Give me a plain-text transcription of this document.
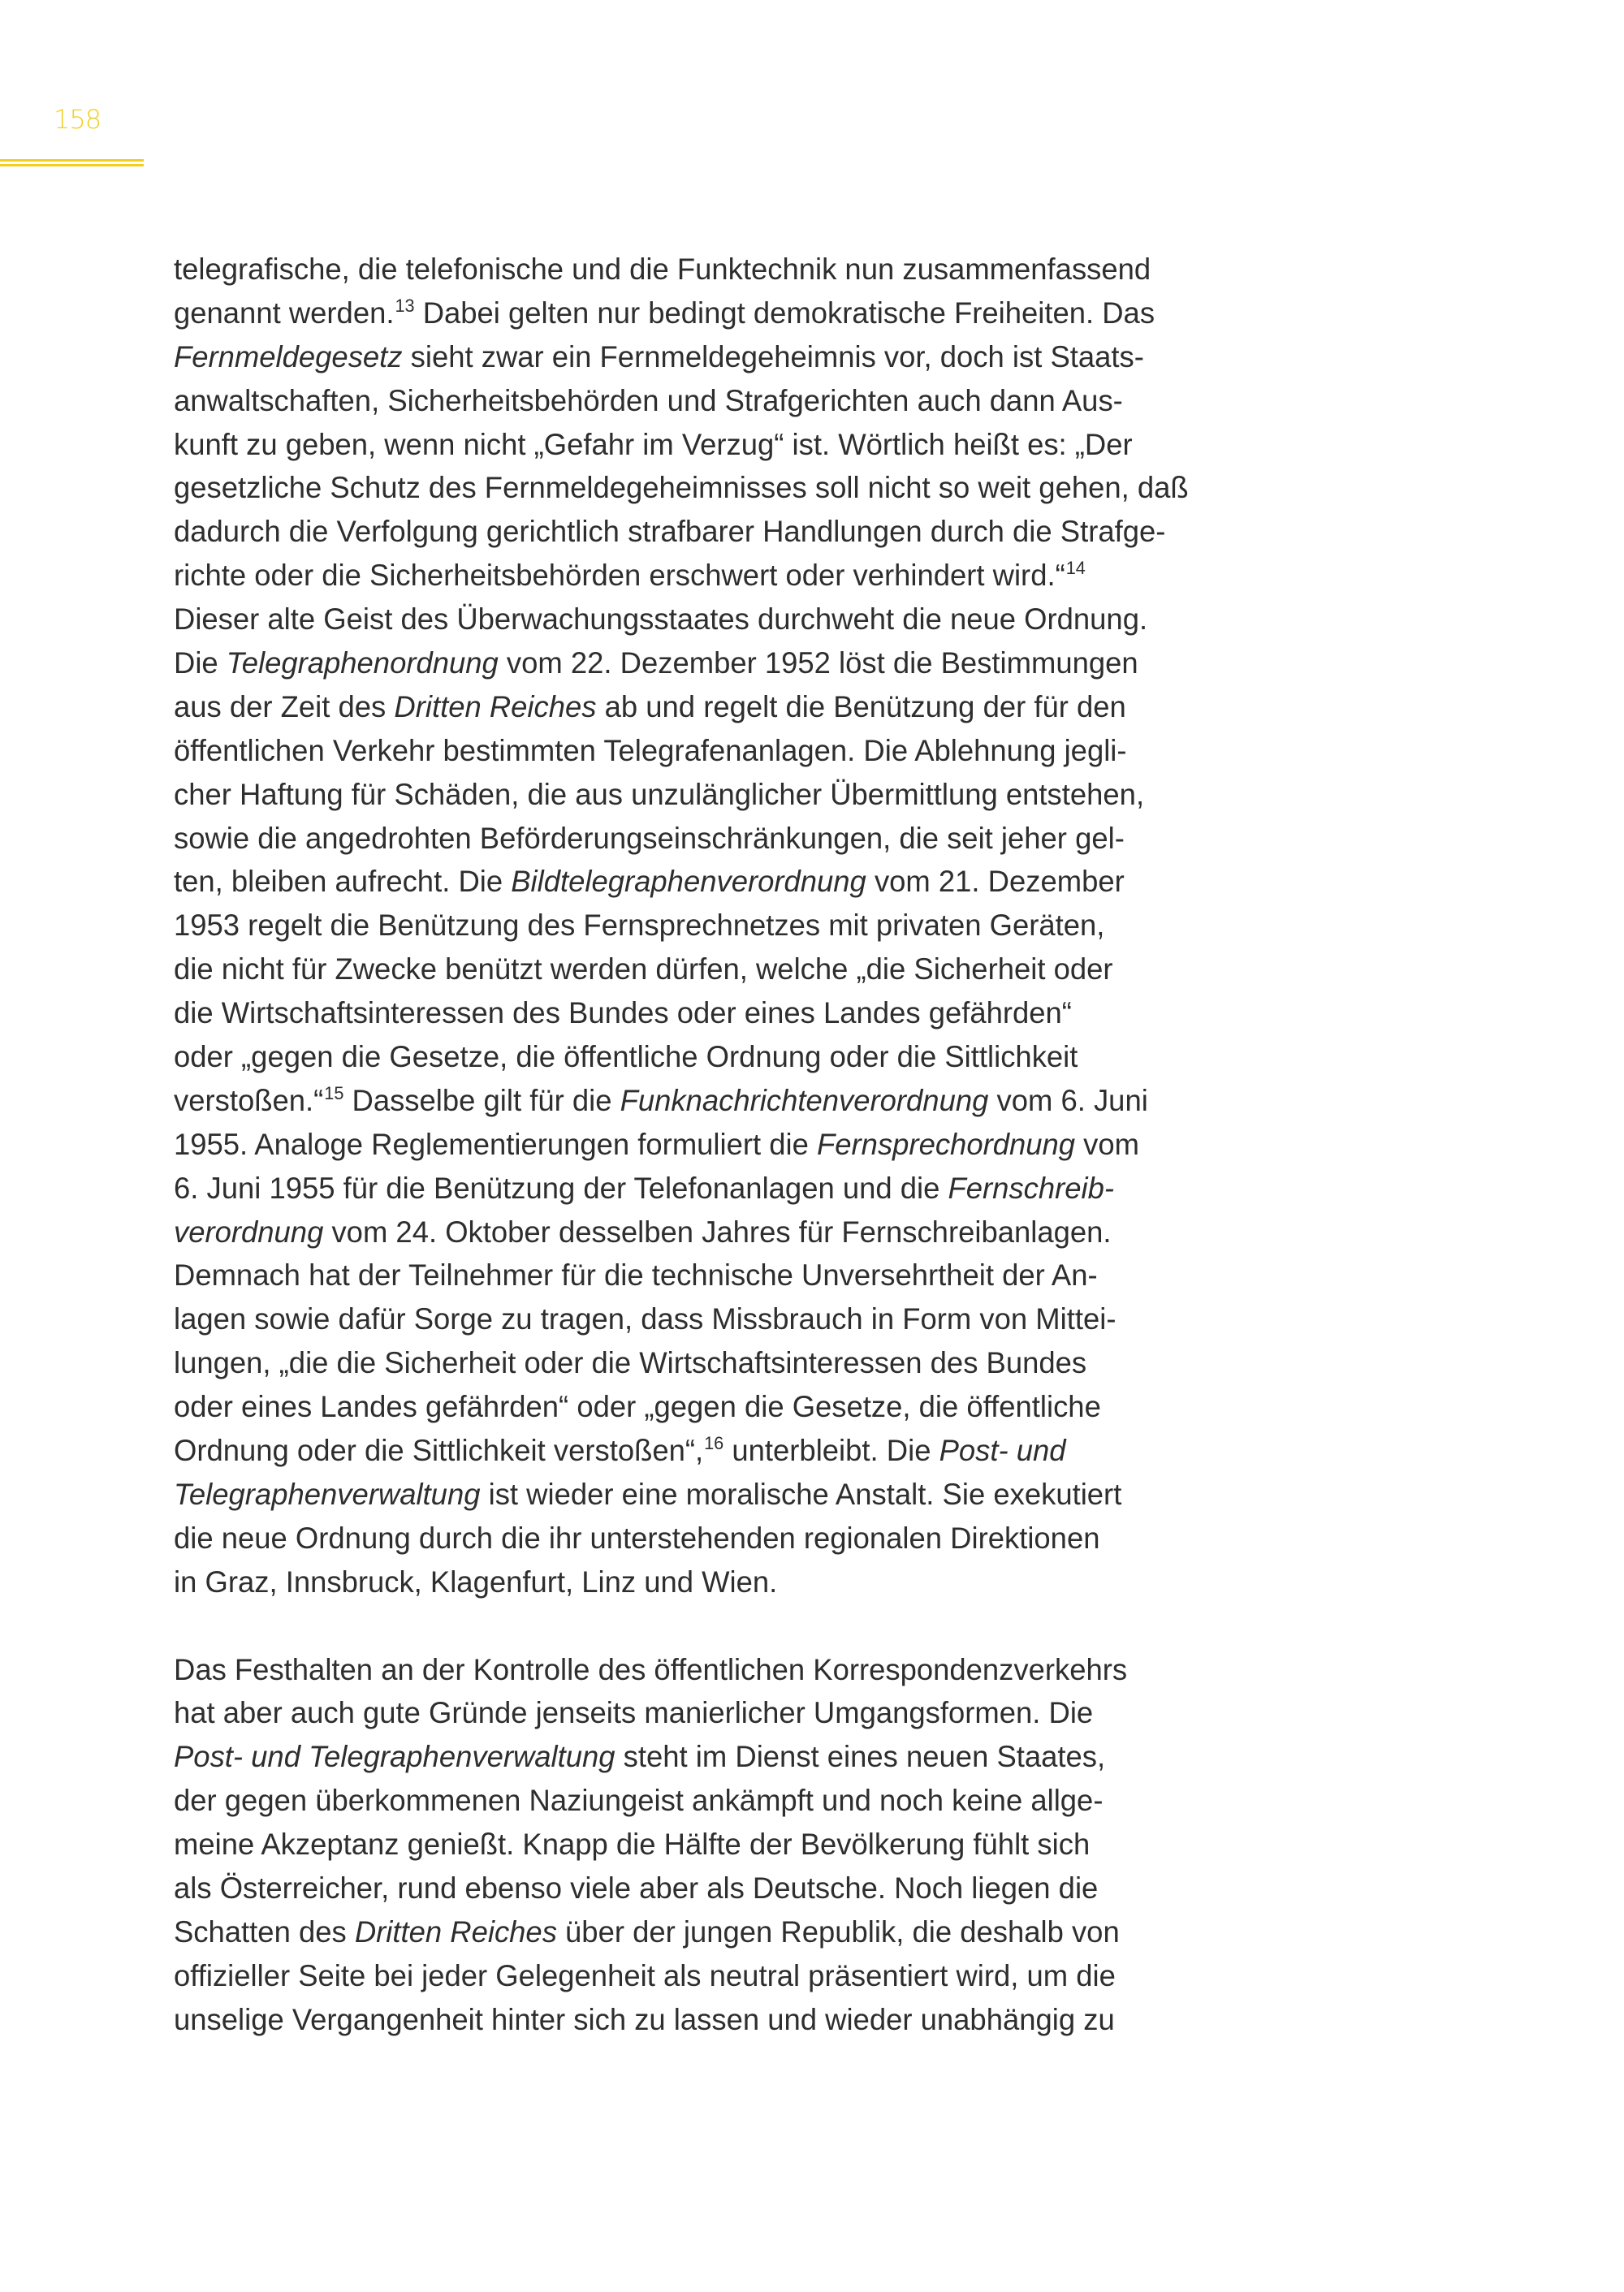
158
telegrafische, die telefonische und die Funktechnik nun zusammenfassend
genannt werden.$^{13}$ Dabei gelten nur bedingt demokratische Freiheiten. Das
Fernmeldegesetz sieht zwar ein Fernmeldegeheimnis vor, doch ist Staats-
anwaltschaften, Sicherheitsbehörden und Strafgerichten auch dann Aus-
kunft zu geben, wenn nicht „Gefahr im Verzug“ ist. Wörtlich heißt es: „Der
gesetzliche Schutz des Fernmeldegeheimnisses soll nicht so weit gehen, daß
dadurch die Verfolgung gerichtlich strafbarer Handlungen durch die Strafge-
richte oder die Sicherheitsbehörden erschwert oder verhindert wird.“$^{14}$
Dieser alte Geist des Überwachungsstaates durchweht die neue Ordnung.
Die Telegraphenordnung vom 22. Dezember 1952 löst die Bestimmungen
aus der Zeit des Dritten Reiches ab und regelt die Benützung der für den
öffentlichen Verkehr bestimmten Telegrafenanlagen. Die Ablehnung jegli-
cher Haftung für Schäden, die aus unzulänglicher Übermittlung entstehen,
sowie die angedrohten Beförderungseinschränkungen, die seit jeher gel-
ten, bleiben aufrecht. Die Bildtelegraphenverordnung vom 21. Dezember
1953 regelt die Benützung des Fernsprechnetzes mit privaten Geräten,
die nicht für Zwecke benützt werden dürfen, welche „die Sicherheit oder
die Wirtschaftsinteressen des Bundes oder eines Landes gefährden“
oder „gegen die Gesetze, die öffentliche Ordnung oder die Sittlichkeit
verstoßen.“$^{15}$ Dasselbe gilt für die Funknachrichtenverordnung vom 6. Juni
1955. Analoge Reglementierungen formuliert die Fernsprechordnung vom
6. Juni 1955 für die Benützung der Telefonanlagen und die Fernschreib-
verordnung vom 24. Oktober desselben Jahres für Fernschreibanlagen.
Demnach hat der Teilnehmer für die technische Unversehrtheit der An-
lagen sowie dafür Sorge zu tragen, dass Missbrauch in Form von Mittei-
lungen, „die die Sicherheit oder die Wirtschaftsinteressen des Bundes
oder eines Landes gefährden“ oder „gegen die Gesetze, die öffentliche
Ordnung oder die Sittlichkeit verstoßen“,$^{16}$ unterbleibt. Die Post- und
Telegraphenverwaltung ist wieder eine moralische Anstalt. Sie exekutiert
die neue Ordnung durch die ihr unterstehenden regionalen Direktionen
in Graz, Innsbruck, Klagenfurt, Linz und Wien.
Das Festhalten an der Kontrolle des öffentlichen Korrespondenzverkehrs
hat aber auch gute Gründe jenseits manierlicher Umgangsformen. Die
Post- und Telegraphenverwaltung steht im Dienst eines neuen Staates,
der gegen überkommenen Naziungeist ankämpft und noch keine allge-
meine Akzeptanz genießt. Knapp die Hälfte der Bevölkerung fühlt sich
als Österreicher, rund ebenso viele aber als Deutsche. Noch liegen die
Schatten des Dritten Reiches über der jungen Republik, die deshalb von
offizieller Seite bei jeder Gelegenheit als neutral präsentiert wird, um die
unselige Vergangenheit hinter sich zu lassen und wieder unabhängig zu
